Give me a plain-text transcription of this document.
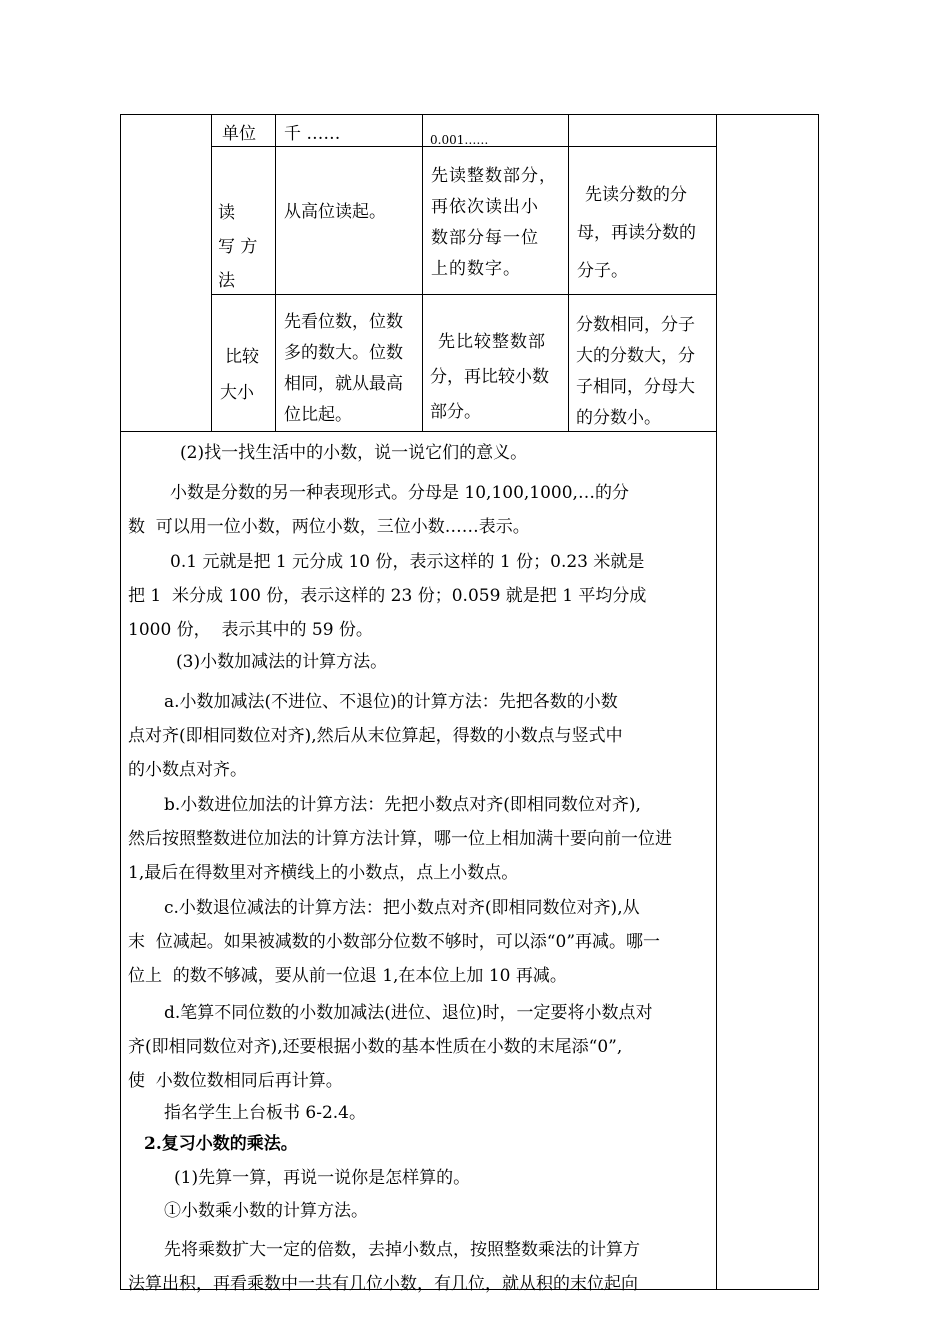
单位 千 ……	0.001……
读
写 方
法
从高位读起。
先读整数部分，
再依次读出小
数部分每一位
上的数字。
先读分数的分
母，再读分数的
分子。
比较
大小
先看位数，位数
多的数大。位数
相同，就从最高
位比起。
先比较整数部
分，再比较小数
部分。
分数相同，分子
大的分数大，分
子相同，分母大
的分数小。
(2)找一找生活中的小数，说一说它们的意义。
小数是分数的另一种表现形式。分母是 10,100,1000,…的分
数  可以用一位小数，两位小数，三位小数……表示。
0.1 元就是把 1 元分成 10 份，表示这样的 1 份；0.23 米就是
把 1  米分成 100 份，表示这样的 23 份；0.059 就是把 1 平均分成
1000 份，  表示其中的 59 份。
(3)小数加减法的计算方法。
a.小数加减法(不进位、不退位)的计算方法：先把各数的小数
点对齐(即相同数位对齐),然后从末位算起，得数的小数点与竖式中
的小数点对齐。
b.小数进位加法的计算方法：先把小数点对齐(即相同数位对齐),
然后按照整数进位加法的计算方法计算，哪一位上相加满十要向前一位进
1,最后在得数里对齐横线上的小数点，点上小数点。
c.小数退位减法的计算方法：把小数点对齐(即相同数位对齐),从
末  位减起。如果被减数的小数部分位数不够时，可以添“0”再减。哪一
位上  的数不够减，要从前一位退 1,在本位上加 10 再减。
d.笔算不同位数的小数加减法(进位、退位)时，一定要将小数点对
齐(即相同数位对齐),还要根据小数的基本性质在小数的末尾添“0”,
使  小数位数相同后再计算。
指名学生上台板书 6-2.4。
2.复习小数的乘法。
(1)先算一算，再说一说你是怎样算的。
①小数乘小数的计算方法。
先将乘数扩大一定的倍数，去掉小数点，按照整数乘法的计算方
法算出积，再看乘数中一共有几位小数，有几位，就从积的末位起向
